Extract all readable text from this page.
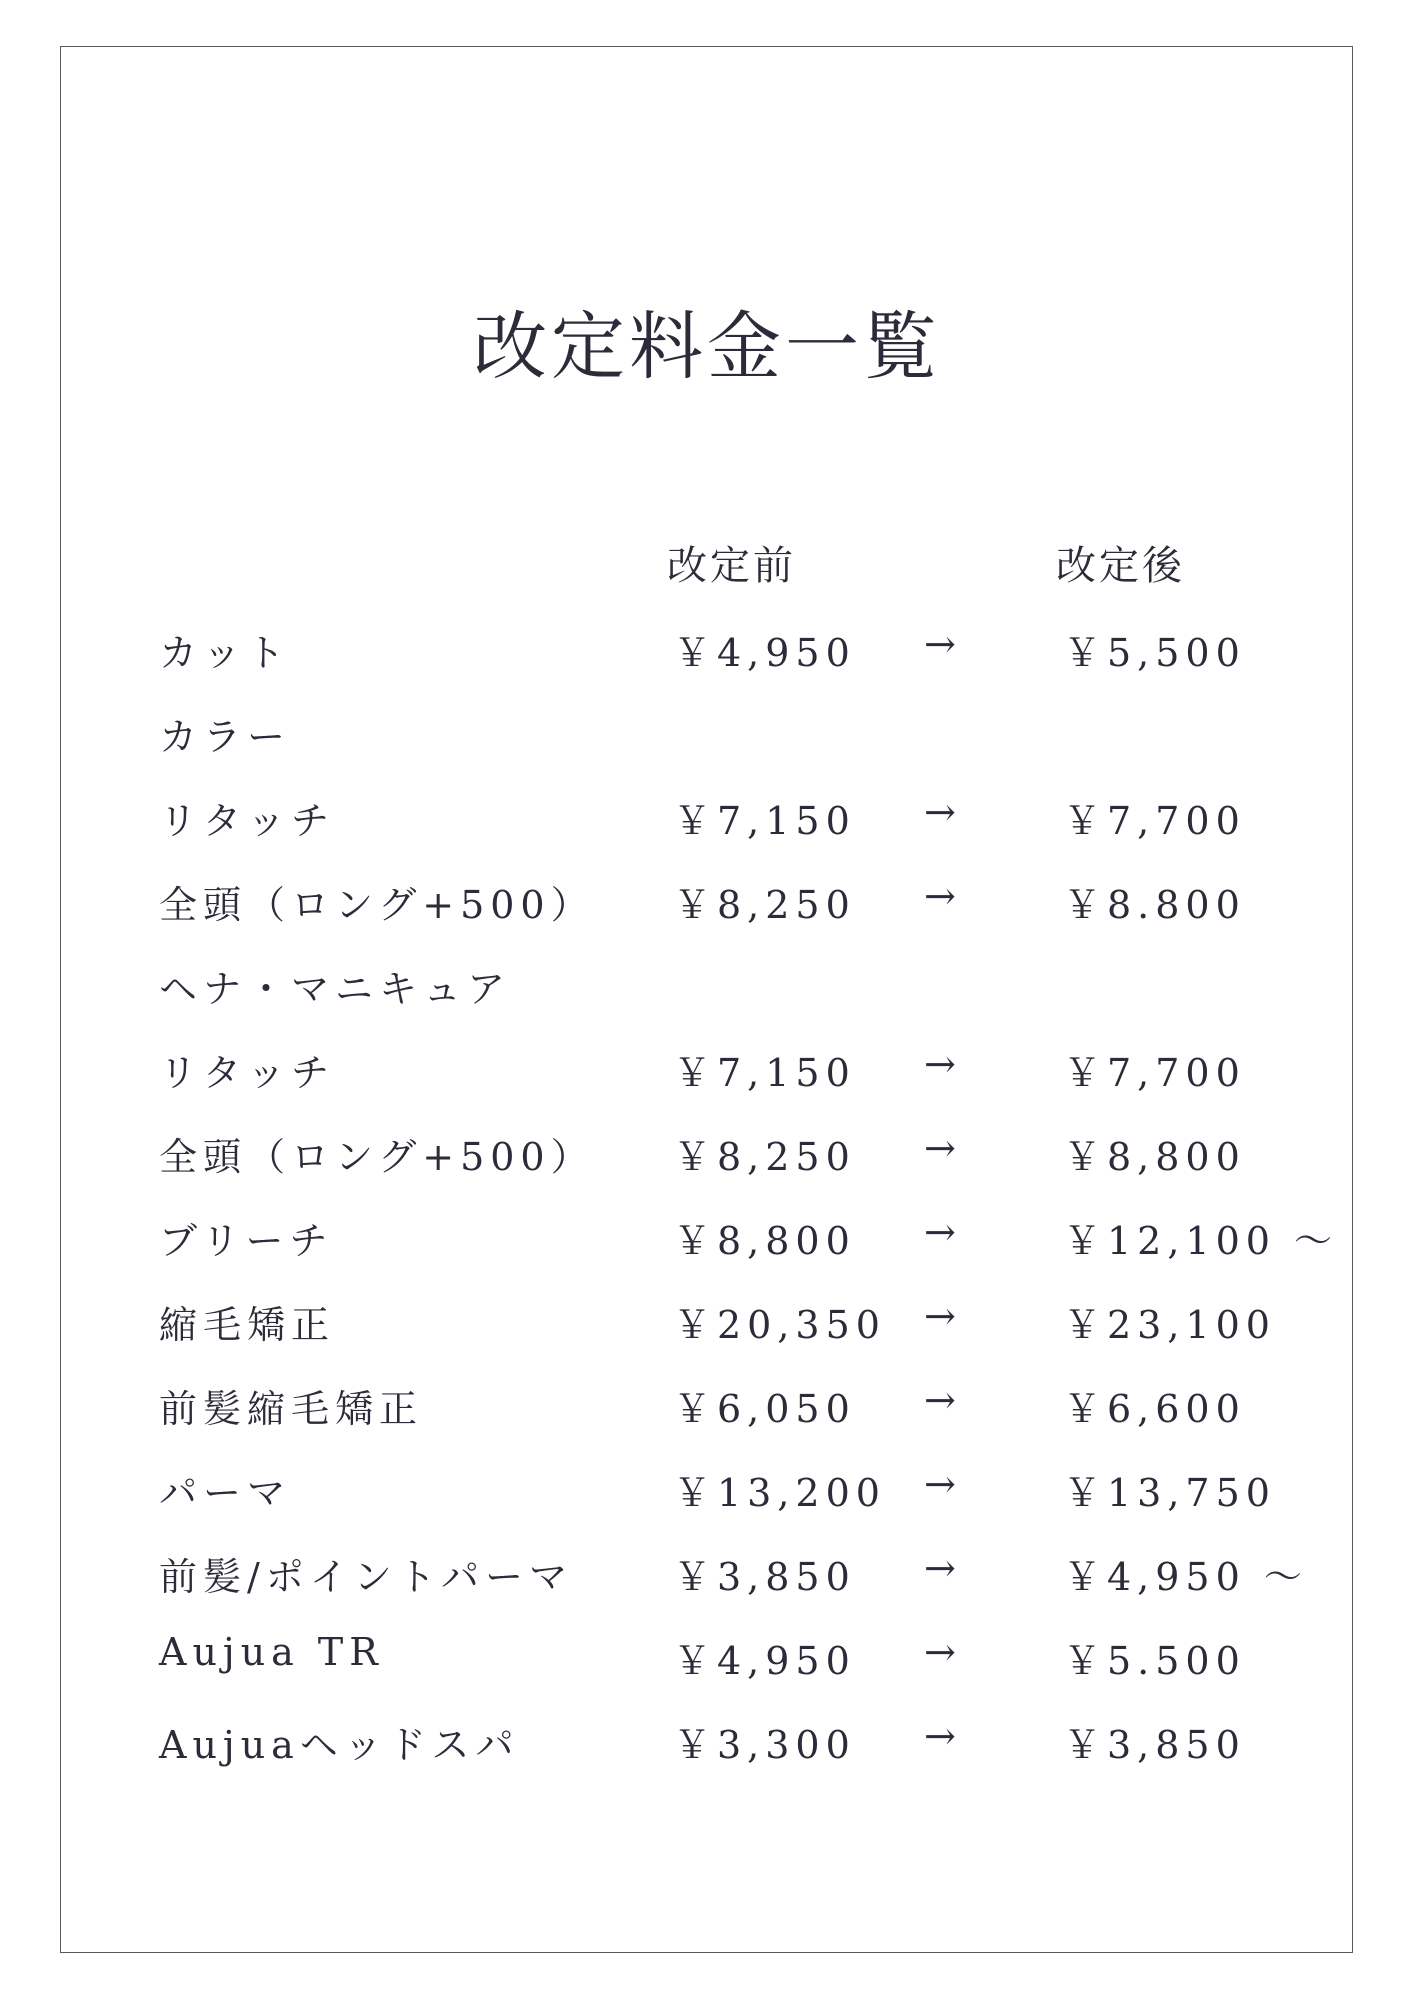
改定料金一覧
改定前	改定後
カット	￥4,950 →	￥5,500
カラー
リタッチ	￥7,150 →	￥7,700
全頭（ロング+500） ￥8,250 →	￥8.800
ヘナ・マニキュア
リタッチ	￥7,150 →	￥7,700
全頭（ロング+500） ￥8,250 →	￥8,800
ブリーチ	￥8,800 →	￥12,100 ～
縮毛矯正	￥20,350 →	￥23,100
前髪縮毛矯正	￥6,050 →	￥6,600
パーマ	￥13,200 →	￥13,750
前髪/ポイントパーマ	￥3,850 →	￥4,950 ～
Aujua TR	￥4,950 →	￥5.500
Aujuaヘッドスパ	￥3,300 →	￥3,850
